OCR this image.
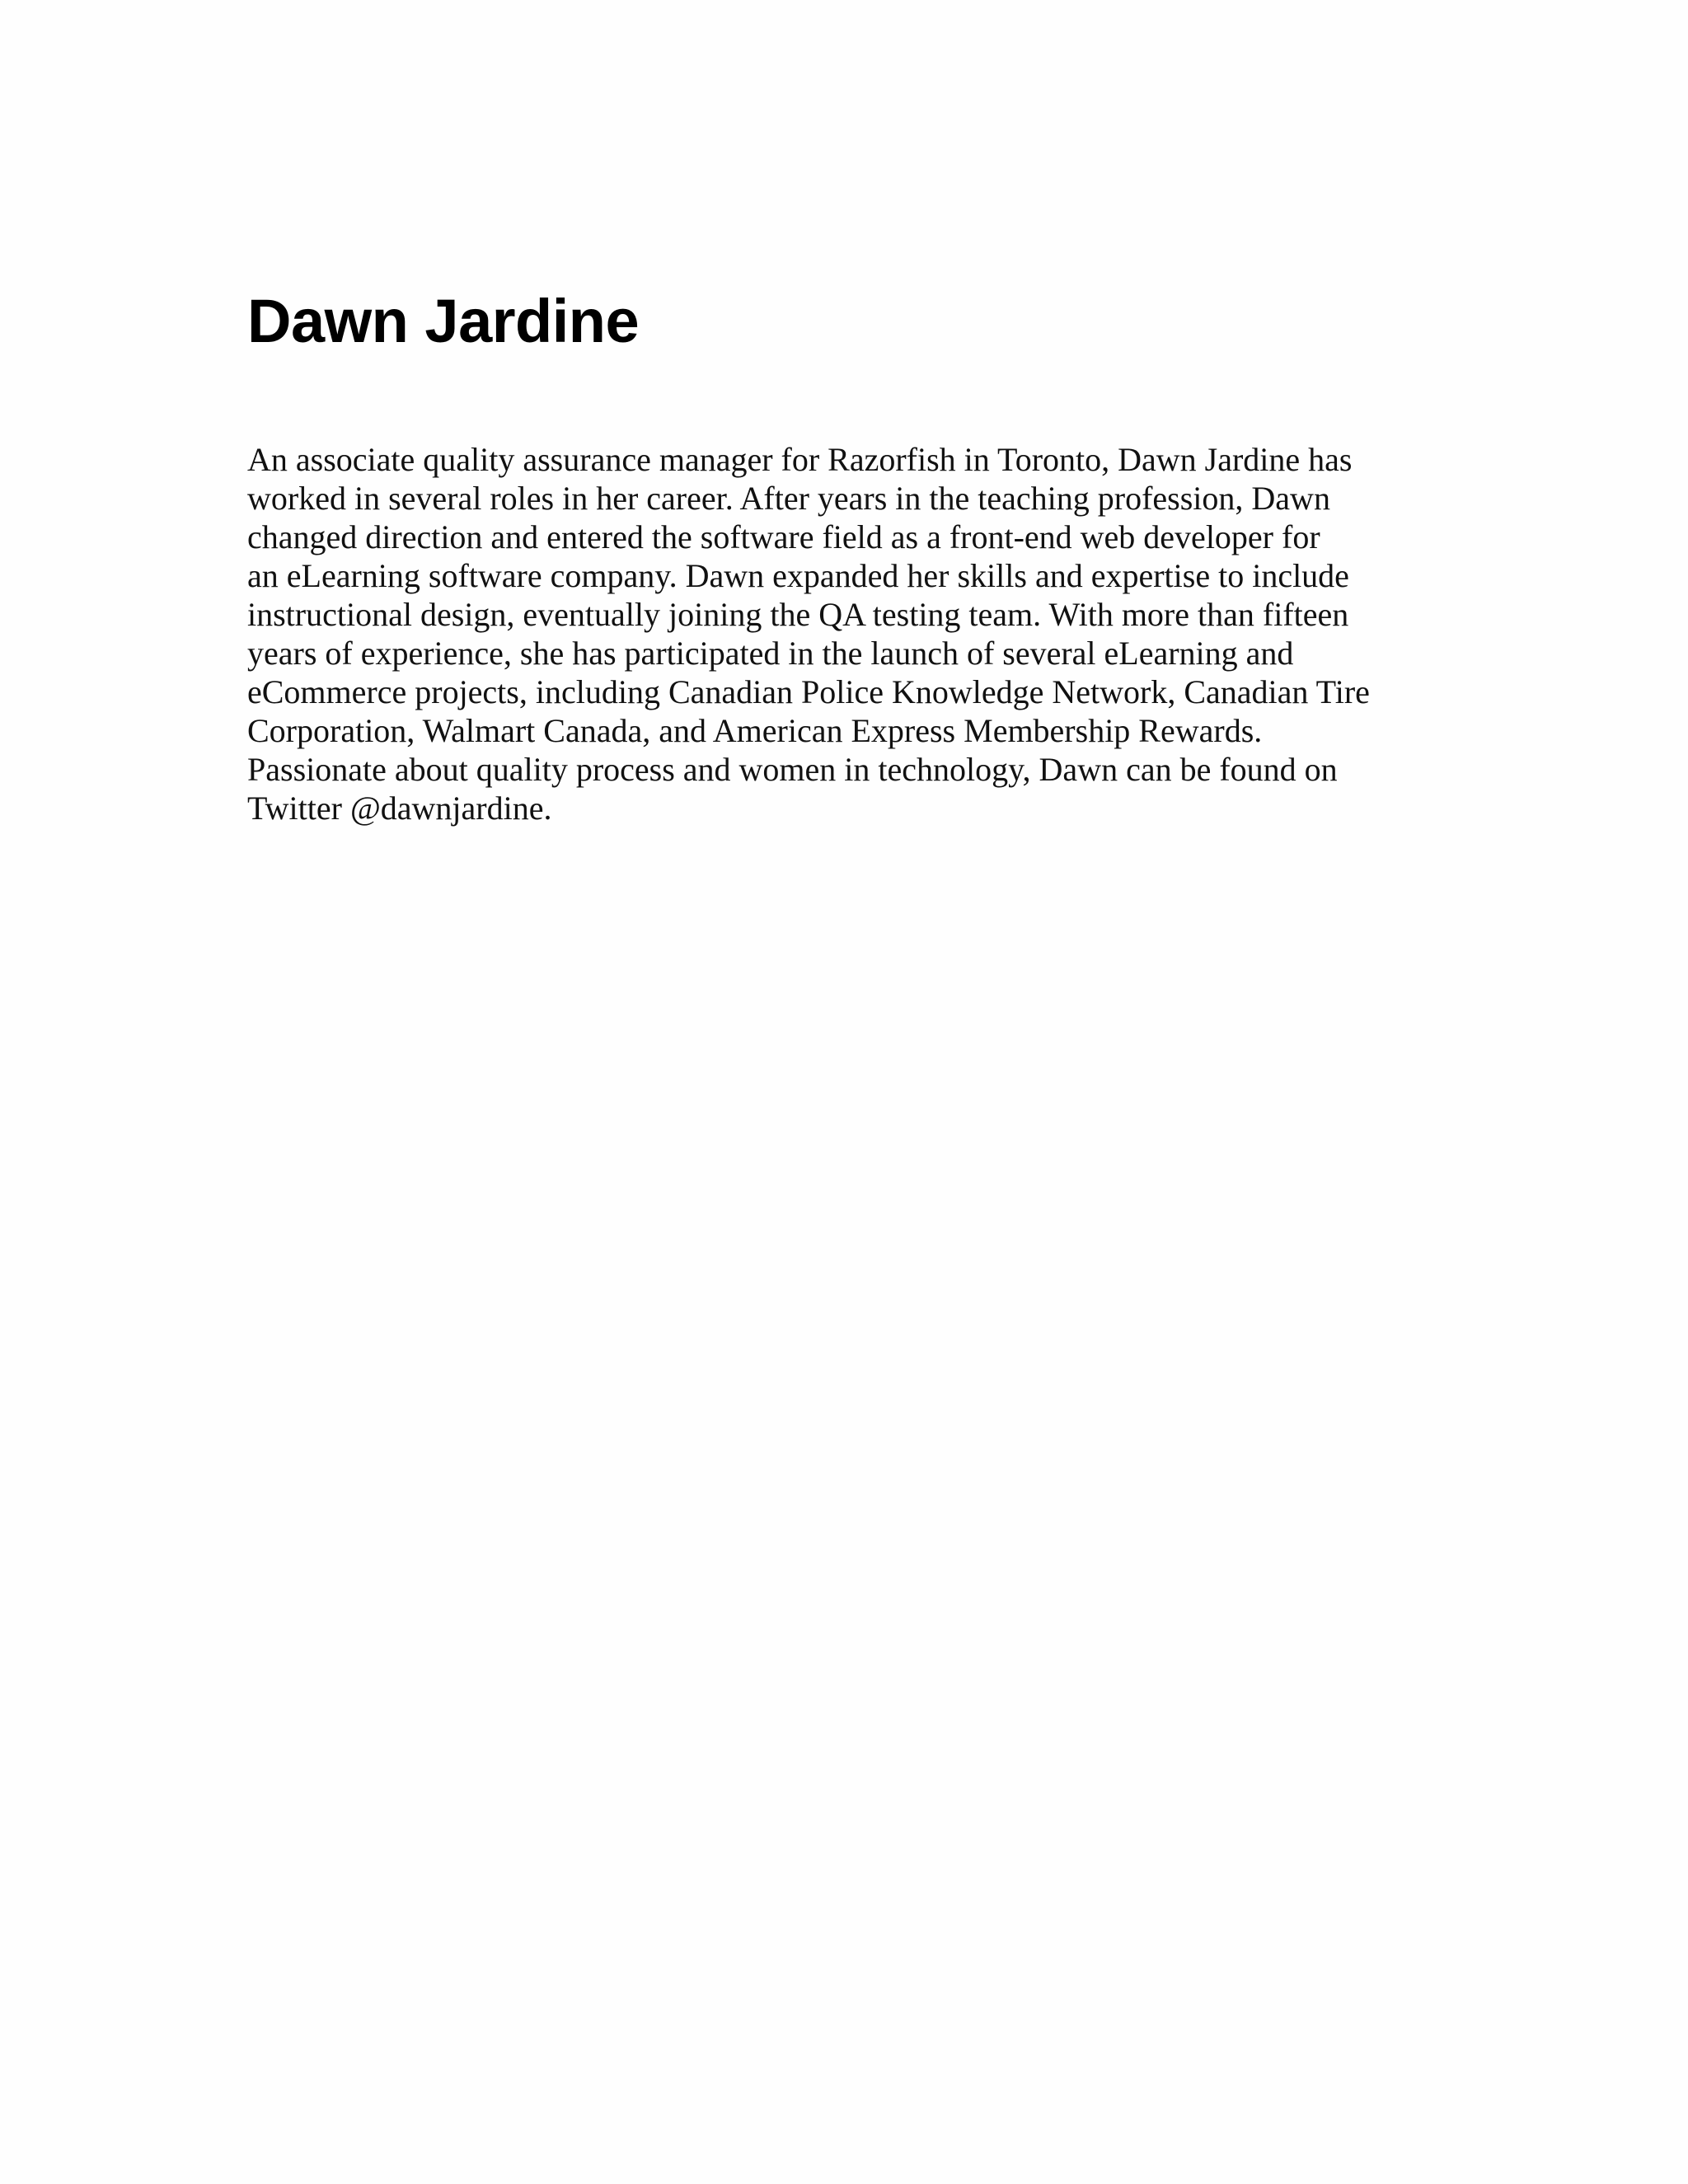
Dawn Jardine

An associate quality assurance manager for Razorfish in Toronto, Dawn Jardine has
worked in several roles in her career. After years in the teaching profession, Dawn
changed direction and entered the software field as a front-end web developer for
an eLearning software company. Dawn expanded her skills and expertise to include
instructional design, eventually joining the QA testing team. With more than fifteen
years of experience, she has participated in the launch of several eLearning and
eCommerce projects, including Canadian Police Knowledge Network, Canadian Tire
Corporation, Walmart Canada, and American Express Membership Rewards.
Passionate about quality process and women in technology, Dawn can be found on
Twitter @dawnjardine.
